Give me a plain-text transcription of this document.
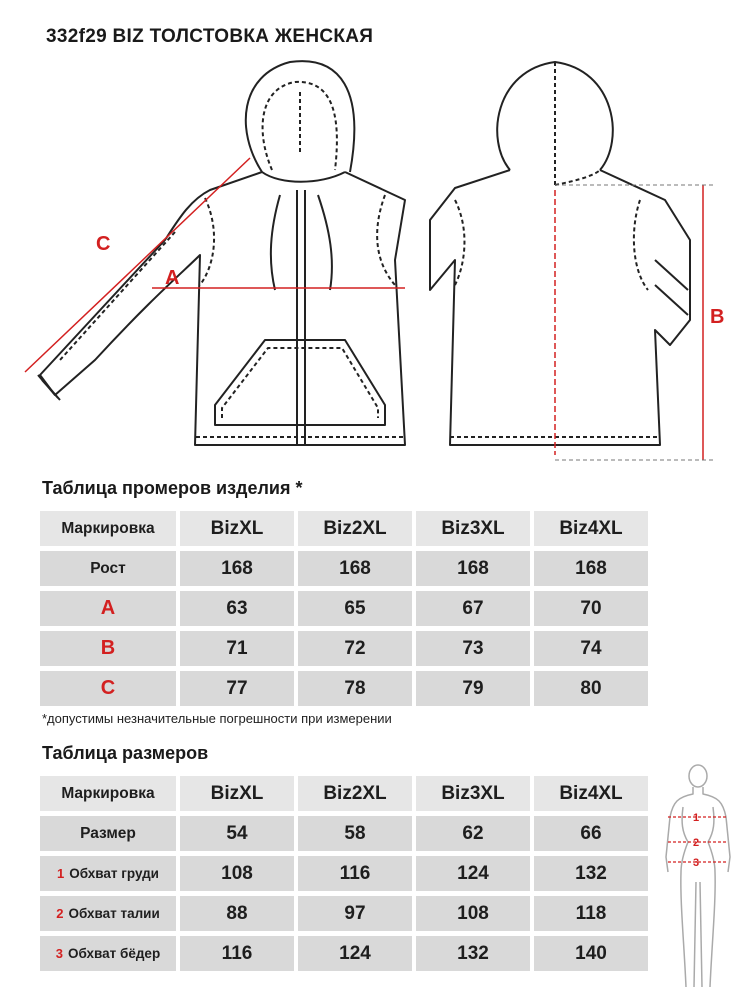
332f29 BIZ ТОЛСТОВКА ЖЕНСКАЯ
A
B
C
Таблица промеров изделия *
Маркировка	BizXL	Biz2XL	Biz3XL	Biz4XL
Рост	168	168	168	168
A	63	65	67	70
B	71	72	73	74
C	77	78	79	80
*допустимы незначительные погрешности при измерении
Таблица размеров
Маркировка	BizXL	Biz2XL	Biz3XL	Biz4XL
Размер	54	58	62	66
1 Обхват груди	108	116	124	132
2 Обхват талии	88	97	108	118
3 Обхват бёдер	116	124	132	140
1
2
3
